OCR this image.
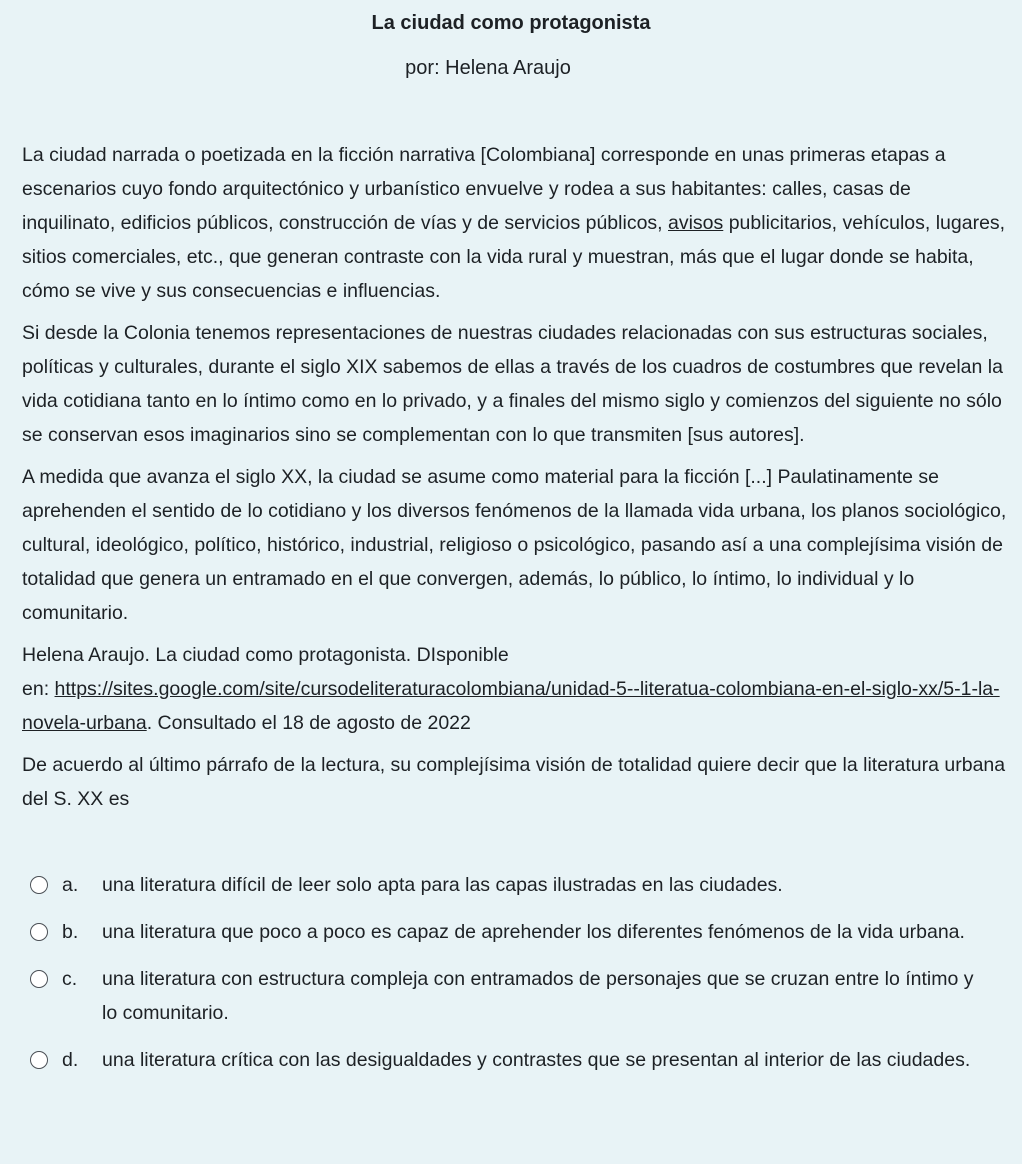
La ciudad como protagonista
por: Helena Araujo

La ciudad narrada o poetizada en la ficción narrativa [Colombiana] corresponde en unas primeras etapas a escenarios cuyo fondo arquitectónico y urbanístico envuelve y rodea a sus habitantes: calles, casas de inquilinato, edificios públicos, construcción de vías y de servicios públicos, avisos publicitarios, vehículos, lugares, sitios comerciales, etc., que generan contraste con la vida rural y muestran, más que el lugar donde se habita, cómo se vive y sus consecuencias e influencias.

Si desde la Colonia tenemos representaciones de nuestras ciudades relacionadas con sus estructuras sociales, políticas y culturales, durante el siglo XIX sabemos de ellas a través de los cuadros de costumbres que revelan la vida cotidiana tanto en lo íntimo como en lo privado, y a finales del mismo siglo y comienzos del siguiente no sólo se conservan esos imaginarios sino se complementan con lo que transmiten [sus autores].

A medida que avanza el siglo XX, la ciudad se asume como material para la ficción [...] Paulatinamente se aprehenden el sentido de lo cotidiano y los diversos fenómenos de la llamada vida urbana, los planos sociológico, cultural, ideológico, político, histórico, industrial, religioso o psicológico, pasando así a una complejísima visión de totalidad que genera un entramado en el que convergen, además, lo público, lo íntimo, lo individual y lo comunitario.

Helena Araujo. La ciudad como protagonista. DIsponible
en: https://sites.google.com/site/cursodeliteraturacolombiana/unidad-5--literatua-colombiana-en-el-siglo-xx/5-1-la-novela-urbana. Consultado el 18 de agosto de 2022

De acuerdo al último párrafo de la lectura, su complejísima visión de totalidad quiere decir que la literatura urbana del S. XX es

a.	una literatura difícil de leer solo apta para las capas ilustradas en las ciudades.
b.	una literatura que poco a poco es capaz de aprehender los diferentes fenómenos de la vida urbana.
c.	una literatura con estructura compleja con entramados de personajes que se cruzan entre lo íntimo y lo comunitario.
d.	una literatura crítica con las desigualdades y contrastes que se presentan al interior de las ciudades.
